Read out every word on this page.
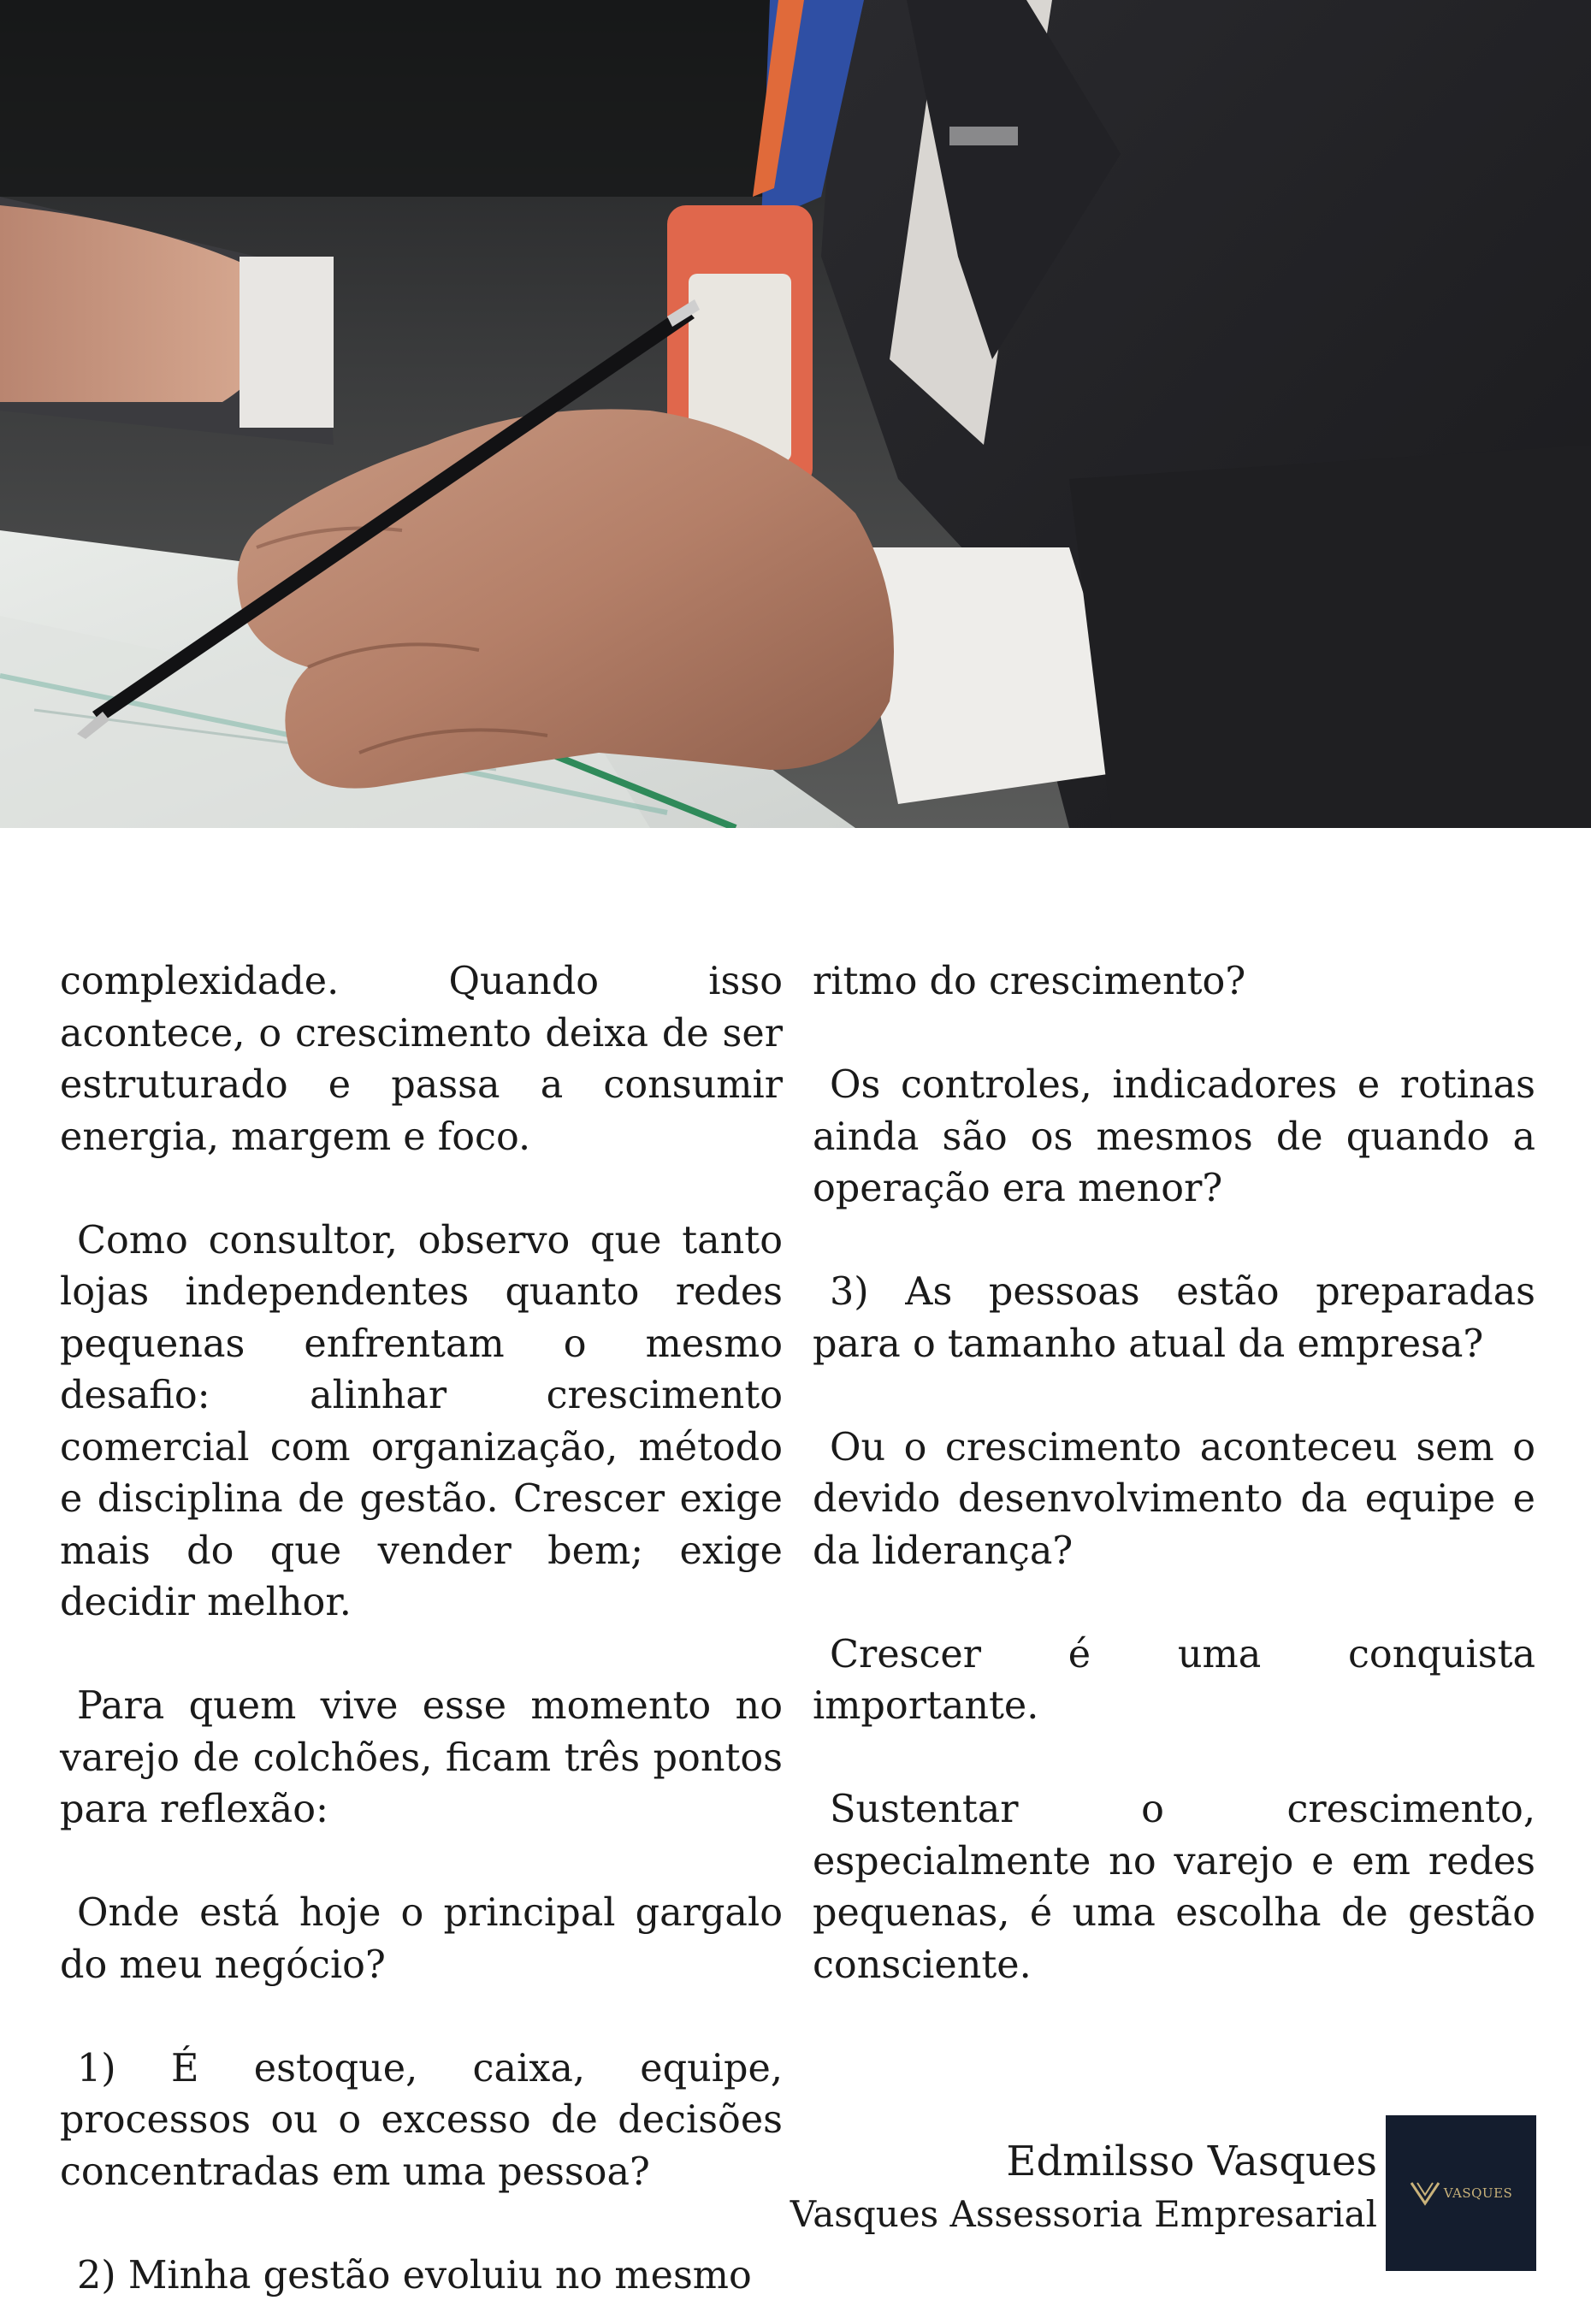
complexidade. Quando isso acontece, o crescimento deixa de ser estruturado e passa a consumir energia, margem e foco.

Como consultor, observo que tanto lojas independentes quanto redes pequenas enfrentam o mesmo desafio: alinhar crescimento comercial com organização, método e disciplina de gestão. Crescer exige mais do que vender bem; exige decidir melhor.

Para quem vive esse momento no varejo de colchões, ficam três pontos para reflexão:

Onde está hoje o principal gargalo do meu negócio?

1) É estoque, caixa, equipe, processos ou o excesso de decisões concentradas em uma pessoa?

2) Minha gestão evoluiu no mesmo

ritmo do crescimento?

Os controles, indicadores e rotinas ainda são os mesmos de quando a operação era menor?

3) As pessoas estão preparadas para o tamanho atual da empresa?

Ou o crescimento aconteceu sem o devido desenvolvimento da equipe e da liderança?

Crescer é uma conquista importante.

Sustentar o crescimento, especialmente no varejo e em redes pequenas, é uma escolha de gestão consciente.

Edmilsso Vasques
Vasques Assessoria Empresarial	VASQUES
